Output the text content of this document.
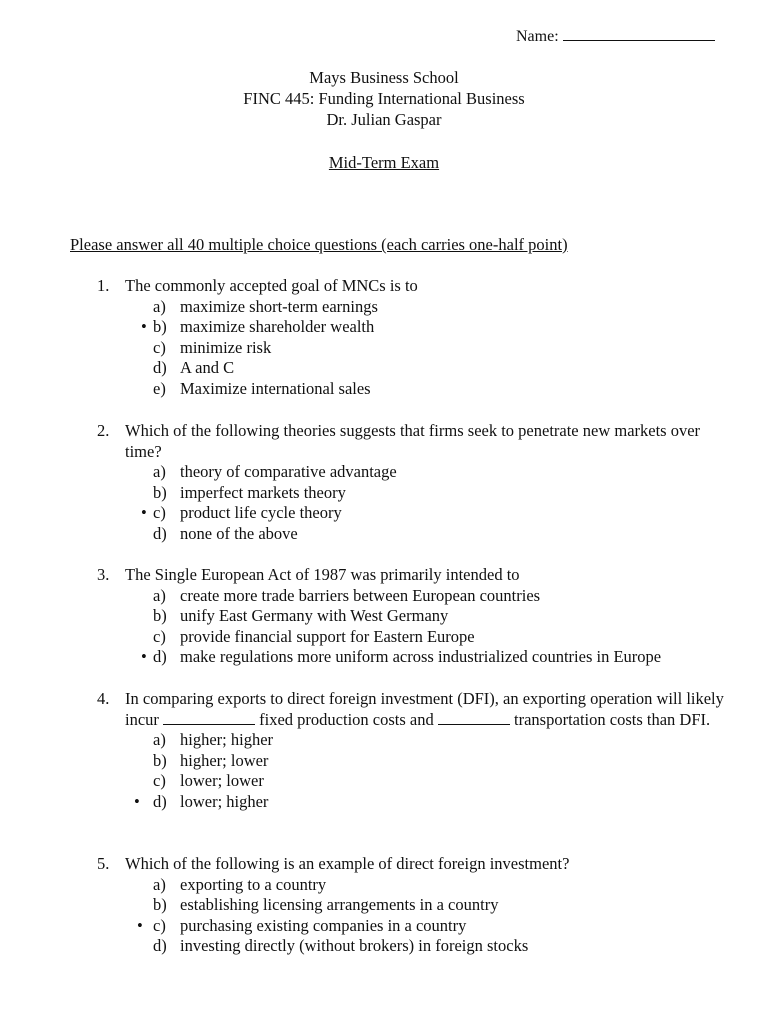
Name:
Mays Business School
FINC 445: Funding International Business
Dr. Julian Gaspar
Mid-Term Exam
Please answer all 40 multiple choice questions (each carries one-half point)
1. The commonly accepted goal of MNCs is to
a) maximize short-term earnings
• b) maximize shareholder wealth
c) minimize risk
d) A and C
e) Maximize international sales
2. Which of the following theories suggests that firms seek to penetrate new markets over time?
a) theory of comparative advantage
b) imperfect markets theory
• c) product life cycle theory
d) none of the above
3. The Single European Act of 1987 was primarily intended to
a) create more trade barriers between European countries
b) unify East Germany with West Germany
c) provide financial support for Eastern Europe
• d) make regulations more uniform across industrialized countries in Europe
4. In comparing exports to direct foreign investment (DFI), an exporting operation will likely incur	fixed production costs and	transportation costs than DFI.
a) higher; higher
b) higher; lower
c) lower; lower
• d) lower; higher
5. Which of the following is an example of direct foreign investment?
a) exporting to a country
b) establishing licensing arrangements in a country
• c) purchasing existing companies in a country
d) investing directly (without brokers) in foreign stocks
